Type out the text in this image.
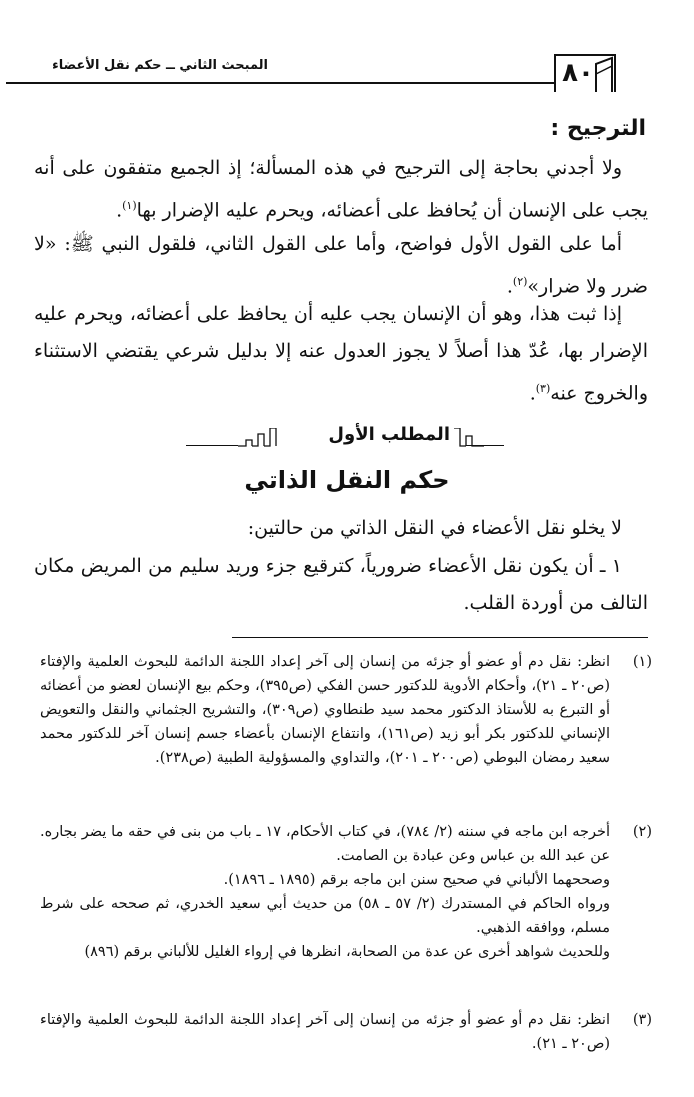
المبحث الثاني ــ حكم نقل الأعضاء	٨٠
الترجيح :
ولا أجدني بحاجة إلى الترجيح في هذه المسألة؛ إذ الجميع متفقون على أنه يجب على الإنسان أن يُحافظ على أعضائه، ويحرم عليه الإضرار بها$^{(١)}$.
أما على القول الأول فواضح، وأما على القول الثاني، فلقول النبي ﷺ: «لا ضرر ولا ضرار»$^{(٢)}$.
إذا ثبت هذا، وهو أن الإنسان يجب عليه أن يحافظ على أعضائه، ويحرم عليه الإضرار بها، عُدّ هذا أصلاً لا يجوز العدول عنه إلا بدليل شرعي يقتضي الاستثناء والخروج عنه$^{(٣)}$.
المطلب الأول
حكم النقل الذاتي
لا يخلو نقل الأعضاء في النقل الذاتي من حالتين:
١ ـ أن يكون نقل الأعضاء ضرورياً، كترقيع جزء وريد سليم من المريض مكان التالف من أوردة القلب.
(١)
انظر: نقل دم أو عضو أو جزئه من إنسان إلى آخر إعداد اللجنة الدائمة للبحوث العلمية والإفتاء (ص٢٠ ـ ٢١)، وأحكام الأدوية للدكتور حسن الفكي (ص٣٩٥)، وحكم بيع الإنسان لعضو من أعضائه أو التبرع به للأستاذ الدكتور محمد سيد طنطاوي (ص٣٠٩)، والتشريح الجثماني والنقل والتعويض الإنساني للدكتور بكر أبو زيد (ص١٦١)، وانتفاع الإنسان بأعضاء جسم إنسان آخر للدكتور محمد سعيد رمضان البوطي (ص٢٠٠ ـ ٢٠١)، والتداوي والمسؤولية الطبية (ص٢٣٨).
(٢)
أخرجه ابن ماجه في سننه (٢/ ٧٨٤)، في كتاب الأحكام، ١٧ ـ باب من بنى في حقه ما يضر بجاره. عن عبد الله بن عباس وعن عبادة بن الصامت.
وصححهما الألباني في صحيح سنن ابن ماجه برقم (١٨٩٥ ـ ١٨٩٦).
ورواه الحاكم في المستدرك (٢/ ٥٧ ـ ٥٨) من حديث أبي سعيد الخدري، ثم صححه على شرط مسلم، ووافقه الذهبي.
وللحديث شواهد أخرى عن عدة من الصحابة، انظرها في إرواء الغليل للألباني برقم (٨٩٦)
(٣)
انظر: نقل دم أو عضو أو جزئه من إنسان إلى آخر إعداد اللجنة الدائمة للبحوث العلمية والإفتاء (ص٢٠ ـ ٢١).
